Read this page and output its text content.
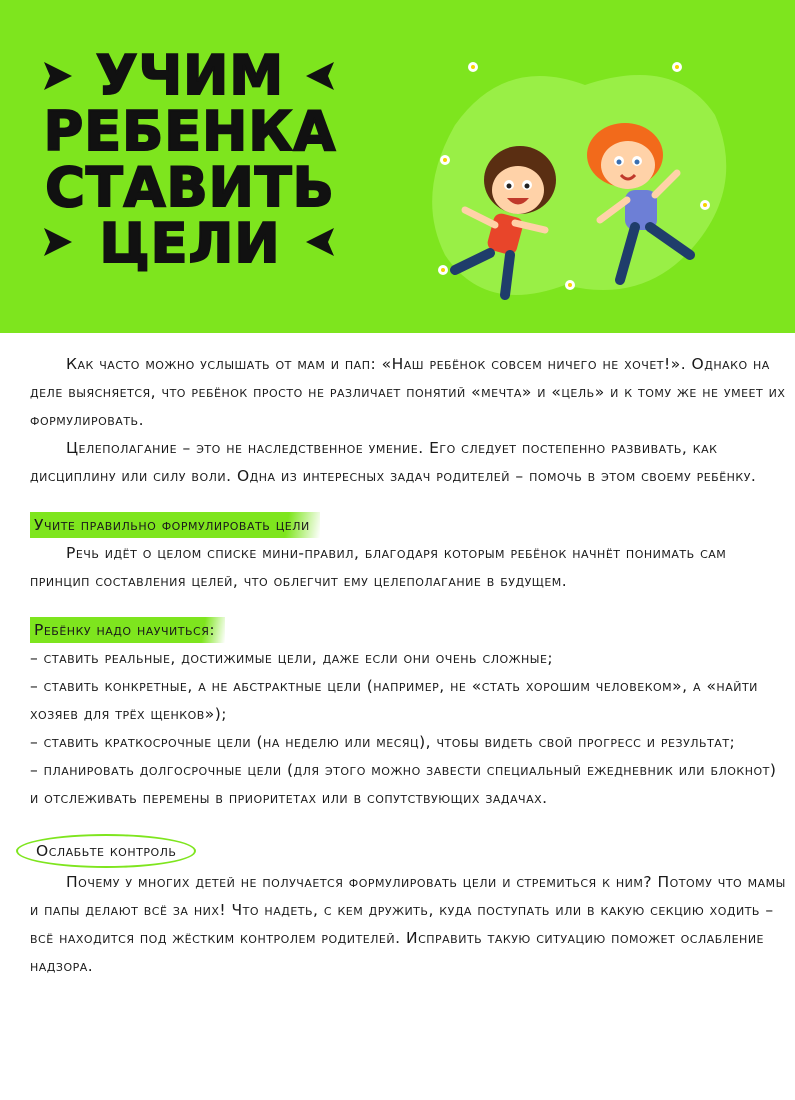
УЧИМ
РЕБЕНКА
СТАВИТЬ
ЦЕЛИ

Как часто можно услышать от мам и пап: «Наш ребёнок совсем ничего не хочет!». Однако на деле выясняется, что ребёнок просто не различает понятий «мечта» и «цель» и к тому же не умеет их формулировать.

Целеполагание – это не наследственное умение. Его следует постепенно развивать, как дисциплину или силу воли. Одна из интересных задач родителей – помочь в этом своему ребёнку.

Учите правильно формулировать цели

Речь идёт о целом списке мини-правил, благодаря которым ребёнок начнёт понимать сам принцип составления целей, что облегчит ему целеполагание в будущем.

Ребёнку надо научиться:

– ставить реальные, достижимые цели, даже если они очень сложные;

– ставить конкретные, а не абстрактные цели (например, не «стать хорошим человеком», а «найти хозяев для трёх щенков»);

– ставить краткосрочные цели (на неделю или месяц), чтобы видеть свой прогресс и результат;

– планировать долгосрочные цели (для этого можно завести специальный ежедневник или блокнот) и отслеживать перемены в приоритетах или в сопутствующих задачах.

Ослабьте контроль

Почему у многих детей не получается формулировать цели и стремиться к ним? Потому что мамы и папы делают всё за них! Что надеть, с кем дружить, куда поступать или в какую секцию ходить – всё находится под жёстким контролем родителей. Исправить такую ситуацию поможет ослабление надзора.
